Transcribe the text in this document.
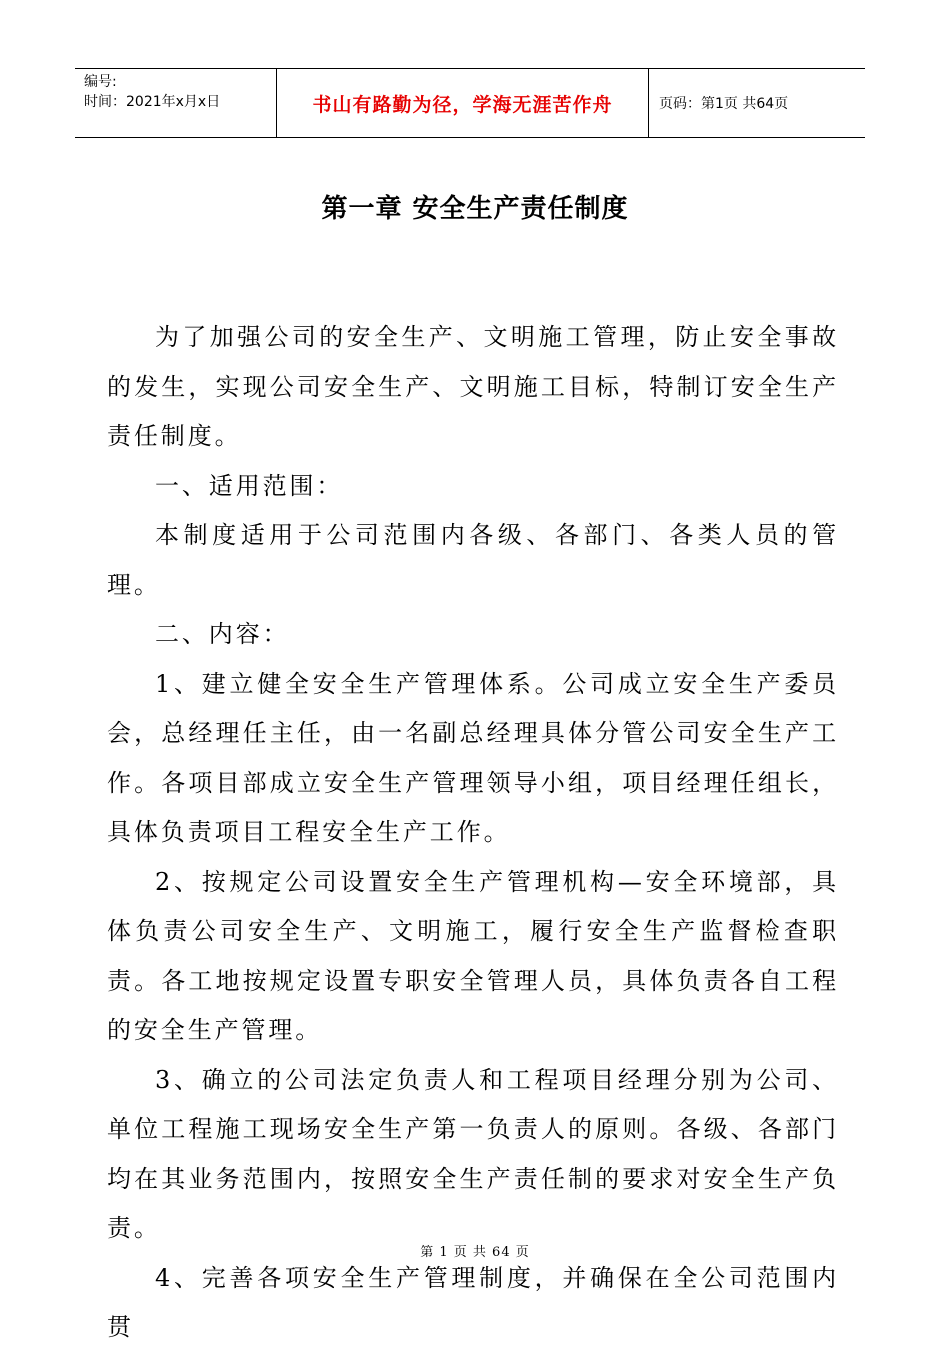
编号:
时间：2021年x月x日	书山有路勤为径，学海无涯苦作舟	页码：第1页 共64页
第一章 安全生产责任制度

为了加强公司的安全生产、文明施工管理，防止安全事故的发生，实现公司安全生产、文明施工目标，特制订安全生产责任制度。

一、适用范围：

本制度适用于公司范围内各级、各部门、各类人员的管理。

二、内容：

1、建立健全安全生产管理体系。公司成立安全生产委员会，总经理任主任，由一名副总经理具体分管公司安全生产工作。各项目部成立安全生产管理领导小组，项目经理任组长，具体负责项目工程安全生产工作。

2、按规定公司设置安全生产管理机构—安全环境部，具体负责公司安全生产、文明施工，履行安全生产监督检查职责。各工地按规定设置专职安全管理人员，具体负责各自工程的安全生产管理。

3、确立的公司法定负责人和工程项目经理分别为公司、单位工程施工现场安全生产第一负责人的原则。各级、各部门均在其业务范围内，按照安全生产责任制的要求对安全生产负责。

4、完善各项安全生产管理制度，并确保在全公司范围内贯

第 1 页 共 64 页
